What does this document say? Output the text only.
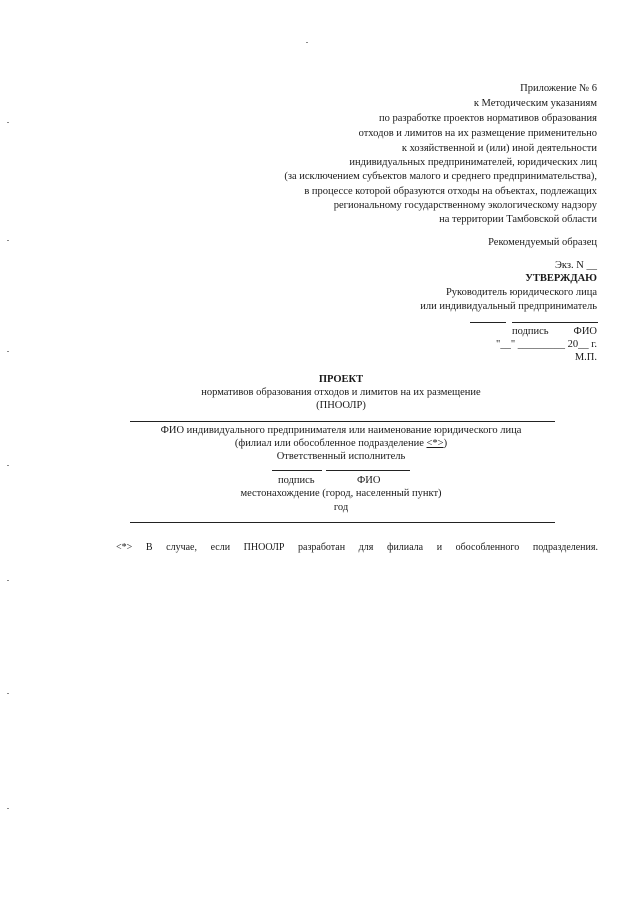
Приложение № 6
к Методическим указаниям
по разработке проектов нормативов образования
отходов и лимитов на их размещение применительно
к хозяйственной и (или) иной деятельности
индивидуальных предпринимателей, юридических лиц
(за исключением субъектов малого и среднего предпринимательства),
в процессе которой образуются отходы на объектах, подлежащих
региональному государственному экологическому надзору
на территории Тамбовской области
Рекомендуемый образец
Экз. N __
УТВЕРЖДАЮ
Руководитель юридического лица
или индивидуальный предприниматель
подпись ФИО
"__" _________ 20__ г.
М.П.
ПРОЕКТ
нормативов образования отходов и лимитов на их размещение
(ПНООЛР)
ФИО индивидуального предпринимателя или наименование юридического лица
(филиал или обособленное подразделение <*>)
Ответственный исполнитель
подпись	ФИО
местонахождение (город, населенный пункт)
год
<*> В случае, если ПНООЛР разработан для филиала и обособленного подразделения.
